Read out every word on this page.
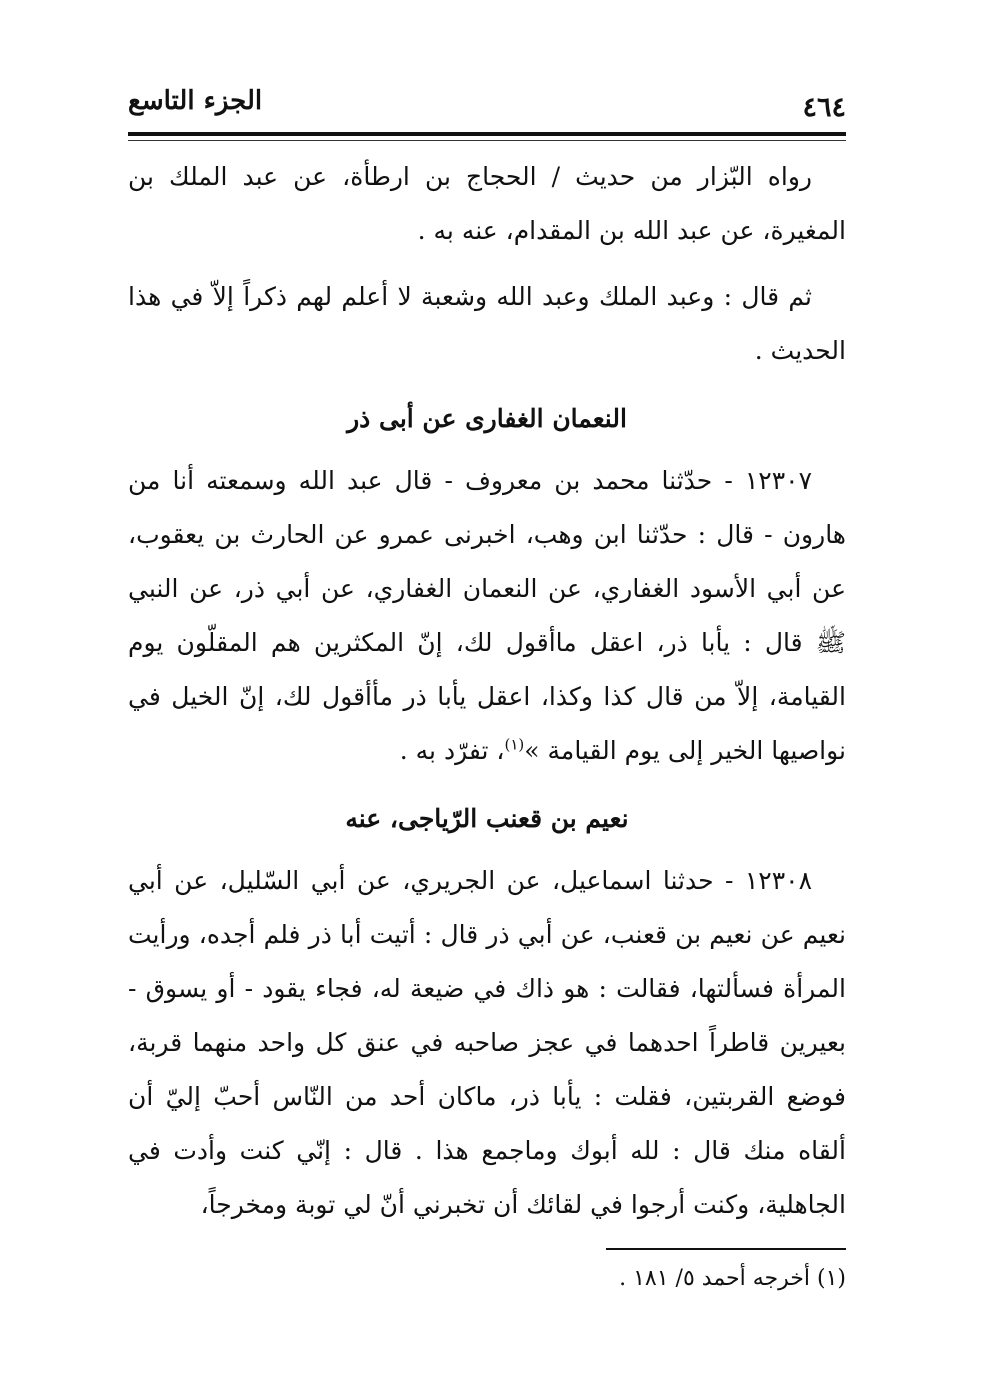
٤٦٤
الجزء التاسع

رواه البّزار من حديث / الحجاج بن ارطأة، عن عبد الملك بن المغيرة، عن عبد الله بن المقدام، عنه به .

ثم قال : وعبد الملك وعبد الله وشعبة لا أعلم لهم ذكراً إلاّ في هذا الحديث .

النعمان الغفارى عن أبى ذر

١٢٣٠٧ - حدّثنا محمد بن معروف - قال عبد الله وسمعته أنا من هارون - قال : حدّثنا ابن وهب، اخبرنى عمرو عن الحارث بن يعقوب، عن أبي الأسود الغفاري، عن النعمان الغفاري، عن أبي ذر، عن النبي ﷺ قال : يأبا ذر، اعقل ماأقول لك، إنّ المكثرين هم المقلّون يوم القيامة، إلاّ من قال كذا وكذا، اعقل يأبا ذر مأأقول لك، إنّ الخيل في نواصيها الخير إلى يوم القيامة »$^{(١)}$، تفرّد به .

نعيم بن قعنب الرّياجى، عنه

١٢٣٠٨ - حدثنا اسماعيل، عن الجريري، عن أبي السّليل، عن أبي نعيم عن نعيم بن قعنب، عن أبي ذر قال : أتيت أبا ذر فلم أجده، ورأيت المرأة فسألتها، فقالت : هو ذاك في ضيعة له، فجاء يقود - أو يسوق - بعيرين قاطراً احدهما في عجز صاحبه في عنق كل واحد منهما قربة، فوضع القربتين، فقلت : يأبا ذر، ماكان أحد من النّاس أحبّ إليّ أن ألقاه منك قال : لله أبوك وماجمع هذا . قال : إنّي كنت وأدت في الجاهلية، وكنت أرجوا في لقائك أن تخبرني أنّ لي توبة ومخرجاً،

(١) أخرجه أحمد ٥/ ١٨١ .
